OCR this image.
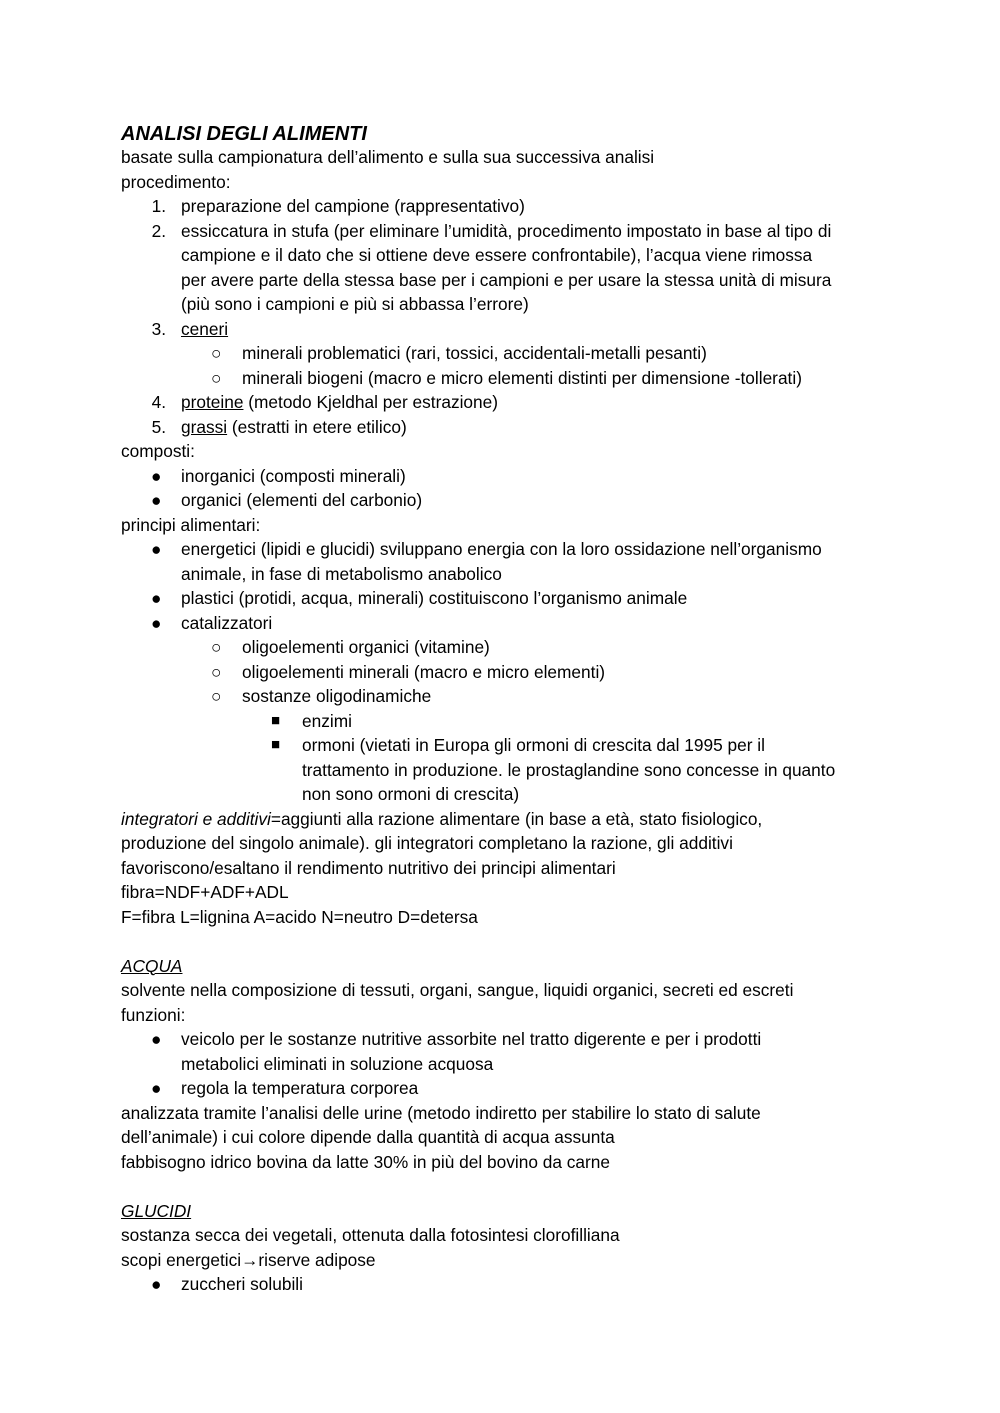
ANALISI DEGLI ALIMENTI
basate sulla campionatura dell’alimento e sulla sua successiva analisi
procedimento:
1. preparazione del campione (rappresentativo)
2. essiccatura in stufa (per eliminare l’umidità, procedimento impostato in base al tipo di
campione e il dato che si ottiene deve essere confrontabile), l’acqua viene rimossa
per avere parte della stessa base per i campioni e per usare la stessa unità di misura
(più sono i campioni e più si abbassa l’errore)
3. ceneri
○ minerali problematici (rari, tossici, accidentali-metalli pesanti)
○ minerali biogeni (macro e micro elementi distinti per dimensione -tollerati)
4. proteine (metodo Kjeldhal per estrazione)
5. grassi (estratti in etere etilico)
composti:
● inorganici (composti minerali)
● organici (elementi del carbonio)
principi alimentari:
● energetici (lipidi e glucidi) sviluppano energia con la loro ossidazione nell’organismo
animale, in fase di metabolismo anabolico
● plastici (protidi, acqua, minerali) costituiscono l’organismo animale
● catalizzatori
○ oligoelementi organici (vitamine)
○ oligoelementi minerali (macro e micro elementi)
○ sostanze oligodinamiche
■ enzimi
■ ormoni (vietati in Europa gli ormoni di crescita dal 1995 per il
trattamento in produzione. le prostaglandine sono concesse in quanto
non sono ormoni di crescita)
integratori e additivi=aggiunti alla razione alimentare (in base a età, stato fisiologico,
produzione del singolo animale). gli integratori completano la razione, gli additivi
favoriscono/esaltano il rendimento nutritivo dei principi alimentari
fibra=NDF+ADF+ADL
F=fibra L=lignina A=acido N=neutro D=detersa
ACQUA
solvente nella composizione di tessuti, organi, sangue, liquidi organici, secreti ed escreti
funzioni:
● veicolo per le sostanze nutritive assorbite nel tratto digerente e per i prodotti
metabolici eliminati in soluzione acquosa
● regola la temperatura corporea
analizzata tramite l’analisi delle urine (metodo indiretto per stabilire lo stato di salute
dell’animale) i cui colore dipende dalla quantità di acqua assunta
fabbisogno idrico bovina da latte 30% in più del bovino da carne
GLUCIDI
sostanza secca dei vegetali, ottenuta dalla fotosintesi clorofilliana
scopi energetici→riserve adipose
● zuccheri solubili
